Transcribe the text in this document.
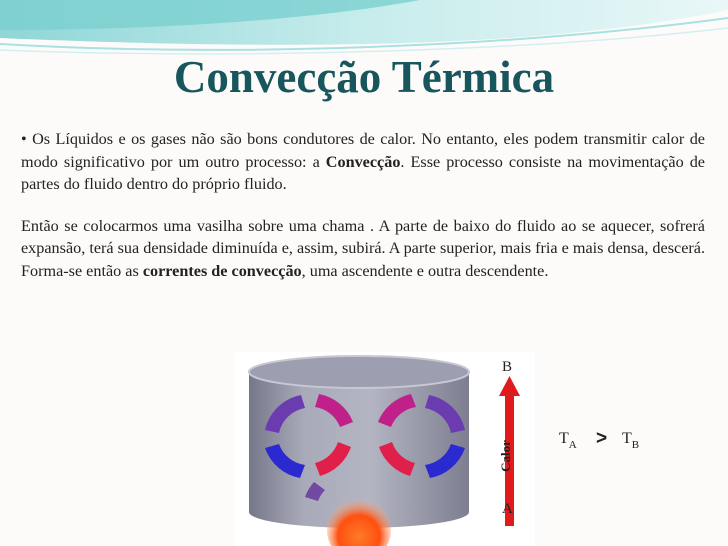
Convecção Térmica

• Os Líquidos e os gases não são bons condutores de calor. No entanto, eles podem transmitir calor de modo significativo por um outro processo: a Convecção. Esse processo consiste na movimentação de partes do fluido dentro do próprio fluido.

Então se colocarmos uma vasilha sobre uma chama . A parte de baixo do fluido ao se aquecer, sofrerá expansão, terá sua densidade diminuída e, assim, subirá. A parte superior, mais fria e mais densa, descerá. Forma-se então as correntes de convecção, uma ascendente e outra descendente.

B
A
Calor
$T_A > T_B$
